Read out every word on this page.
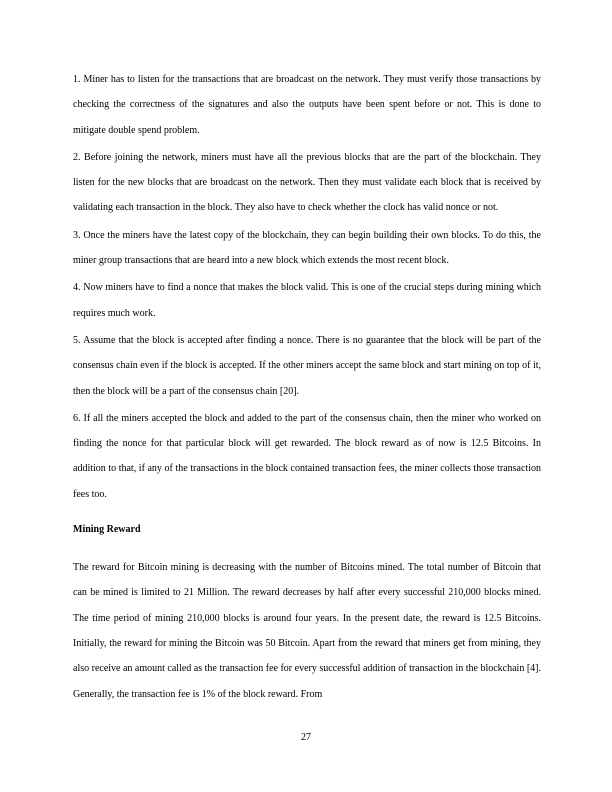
1. Miner has to listen for the transactions that are broadcast on the network. They must verify those transactions by checking the correctness of the signatures and also the outputs have been spent before or not. This is done to mitigate double spend problem.

2. Before joining the network, miners must have all the previous blocks that are the part of the blockchain. They listen for the new blocks that are broadcast on the network. Then they must validate each block that is received by validating each transaction in the block. They also have to check whether the clock has valid nonce or not.

3. Once the miners have the latest copy of the blockchain, they can begin building their own blocks. To do this, the miner group transactions that are heard into a new block which extends the most recent block.

4. Now miners have to find a nonce that makes the block valid. This is one of the crucial steps during mining which requires much work.

5. Assume that the block is accepted after finding a nonce. There is no guarantee that the block will be part of the consensus chain even if the block is accepted. If the other miners accept the same block and start mining on top of it, then the block will be a part of the consensus chain [20].

6. If all the miners accepted the block and added to the part of the consensus chain, then the miner who worked on finding the nonce for that particular block will get rewarded. The block reward as of now is 12.5 Bitcoins. In addition to that, if any of the transactions in the block contained transaction fees, the miner collects those transaction fees too.

Mining Reward

The reward for Bitcoin mining is decreasing with the number of Bitcoins mined. The total number of Bitcoin that can be mined is limited to 21 Million. The reward decreases by half after every successful 210,000 blocks mined. The time period of mining 210,000 blocks is around four years. In the present date, the reward is 12.5 Bitcoins. Initially, the reward for mining the Bitcoin was 50 Bitcoin. Apart from the reward that miners get from mining, they also receive an amount called as the transaction fee for every successful addition of transaction in the blockchain [4]. Generally, the transaction fee is 1% of the block reward. From

27
